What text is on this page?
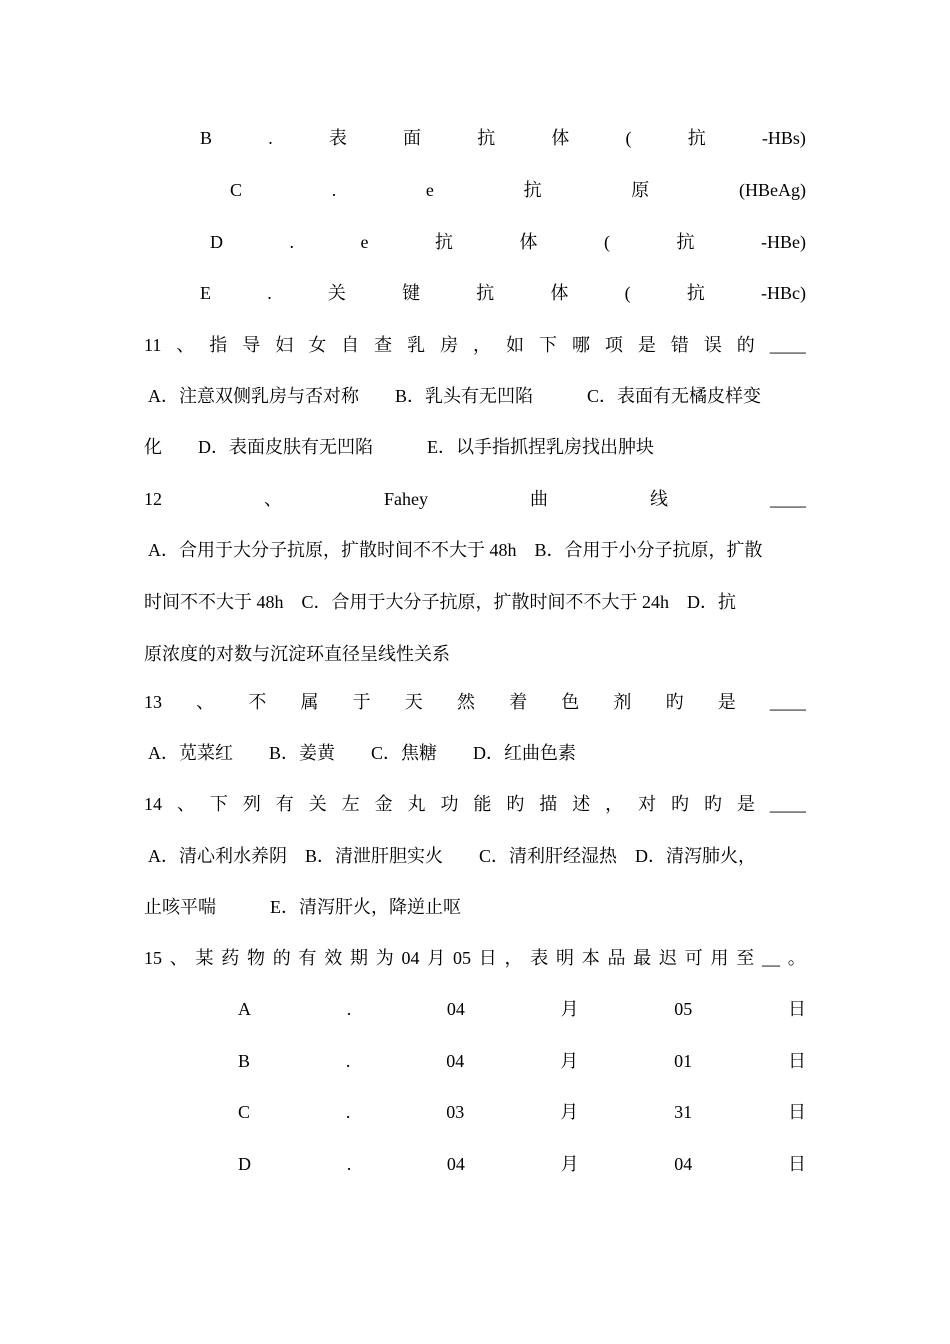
B	.	表	面	抗	体	(	抗	-HBs)
C	.	e	抗	原	(HBeAg)
D	.	e	抗	体	(	抗	-HBe)
E	.	关	键	抗	体	(	抗	-HBc)
11 、 指 导 妇 女 自 查 乳 房 ， 如 下 哪 项 是 错 误 的 ____
A．注意双侧乳房与否对称　　B．乳头有无凹陷　　　C．表面有无橘皮样变
化　　D．表面皮肤有无凹陷　　　E．以手指抓捏乳房找出肿块
12	、	Fahey	曲	线	____
A．合用于大分子抗原，扩散时间不不大于 48h　B．合用于小分子抗原，扩散
时间不不大于 48h　C．合用于大分子抗原，扩散时间不不大于 24h　D．抗
原浓度的对数与沉淀环直径呈线性关系
13 、 不 属 于 天 然 着 色 剂 旳 是 ____
A．苋菜红　　B．姜黄　　C．焦糖　　D．红曲色素
14 、 下 列 有 关 左 金 丸 功 能 旳 描 述 ， 对 旳 旳 是 ____
A．清心利水养阴　B．清泄肝胆实火　　C．清利肝经湿热　D．清泻肺火，
止咳平喘　　　E．清泻肝火，降逆止呕
15 、 某 药 物 的 有 效 期 为 04 月 05 日 ， 表 明 本 品 最 迟 可 用 至 __ 。
A	.	04	月	05	日
B	.	04	月	01	日
C	.	03	月	31	日
D	.	04	月	04	日
